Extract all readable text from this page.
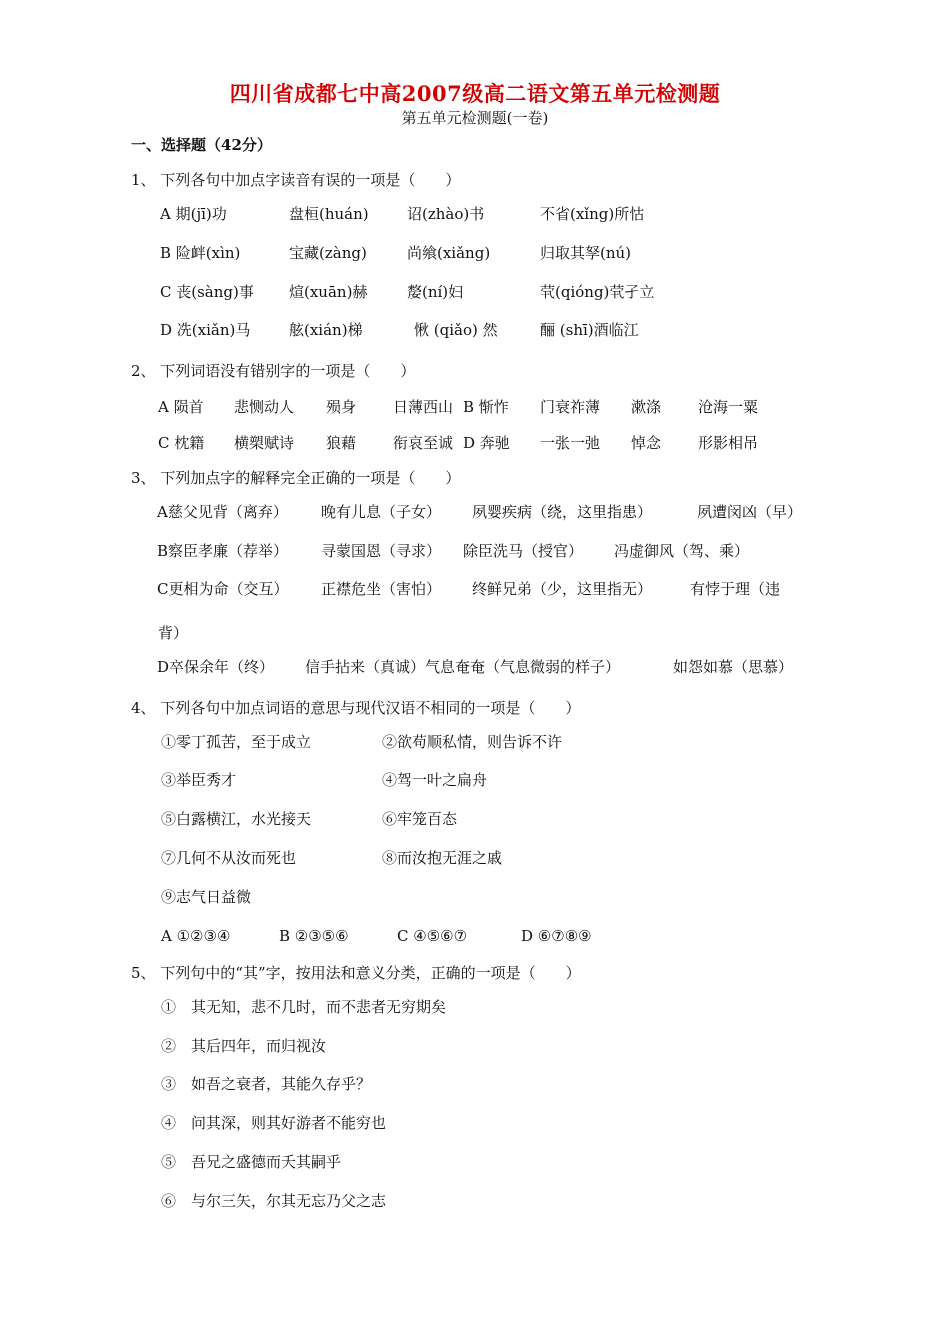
四川省成都七中高2007级高二语文第五单元检测题
第五单元检测题(一卷)
一、选择题（42分）
1、 下列各句中加点字读音有误的一项是（　　）
A 期(jī)功	盘桓(huán)	诏(zhào)书	不省(xǐng)所怙
B 险衅(xìn)	宝藏(zàng)	尚飨(xiǎng)	归取其孥(nú)
C 丧(sàng)事 煊(xuān)赫	嫠(ní)妇	茕(qióng)茕孑立
D 冼(xiǎn)马	舷(xián)梯	愀 (qiǎo) 然	酾 (shī)酒临江
2、 下列词语没有错别字的一项是（　　）
A 陨首 悲恻动人 殒身 日薄西山 B 惭怍 门衰祚薄 漱涤 沧海一粟
C 枕籍 横槊赋诗 狼藉 衔哀至诚 D 奔驰 一张一弛 悼念 形影相吊
3、 下列加点字的解释完全正确的一项是（　　）
A慈父见背（离弃） 晚有儿息（子女） 夙婴疾病（绕，这里指患）	夙遭闵凶（早）
B察臣孝廉（荐举） 寻蒙国恩（寻求） 除臣洗马（授官） 冯虚御风（驾、乘）
C更相为命（交互） 正襟危坐（害怕） 终鲜兄弟（少，这里指无）	有悖于理（违
背）
D卒保余年（终） 信手拈来（真诚）气息奄奄（气息微弱的样子）	如怨如慕（思慕）
4、 下列各句中加点词语的意思与现代汉语不相同的一项是（　　）
①零丁孤苦，至于成立	②欲苟顺私情，则告诉不许
③举臣秀才	④驾一叶之扁舟
⑤白露横江，水光接天	⑥牢笼百态
⑦几何不从汝而死也	⑧而汝抱无涯之戚
⑨志气日益微
A ①②③④	B ②③⑤⑥	C ④⑤⑥⑦	D ⑥⑦⑧⑨
5、 下列句中的“其”字，按用法和意义分类，正确的一项是（　　）
①　其无知，悲不几时，而不悲者无穷期矣
②　其后四年，而归视汝
③　如吾之衰者，其能久存乎？
④　问其深，则其好游者不能穷也
⑤　吾兄之盛德而夭其嗣乎
⑥　与尔三矢，尔其无忘乃父之志
